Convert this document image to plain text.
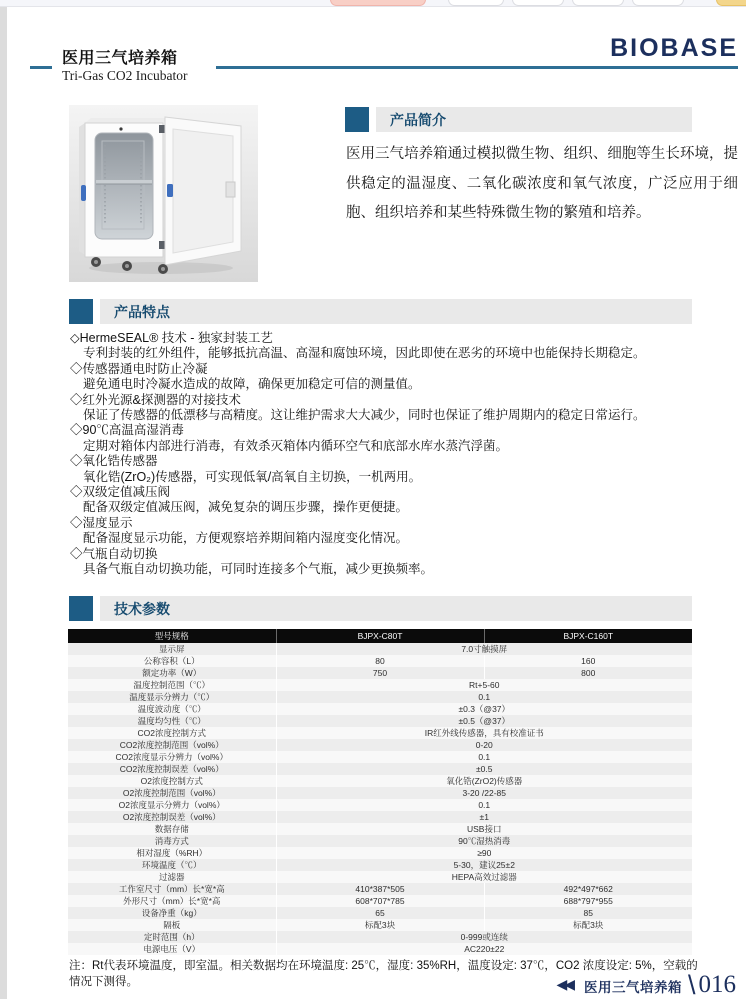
医用三气培养箱
Tri-Gas CO2 Incubator
BIOBASE
产品简介

医用三气培养箱通过模拟微生物、组织、细胞等生长环境，提供稳定的温湿度、二氧化碳浓度和氧气浓度，广泛应用于细胞、组织培养和某些特殊微生物的繁殖和培养。

产品特点
◇HermeSEAL® 技术 - 独家封装工艺
专利封装的红外组件，能够抵抗高温、高湿和腐蚀环境，因此即使在恶劣的环境中也能保持长期稳定。
◇传感器通电时防止冷凝
避免通电时冷凝水造成的故障，确保更加稳定可信的测量值。
◇红外光源&探测器的对接技术
保证了传感器的低漂移与高精度。这让维护需求大大减少，同时也保证了维护周期内的稳定日常运行。
◇90℃高温高湿消毒
定期对箱体内部进行消毒，有效杀灭箱体内循环空气和底部水库水蒸汽浮菌。
◇氧化锆传感器
氧化锆(ZrO₂)传感器，可实现低氧/高氧自主切换，一机两用。
◇双级定值减压阀
配备双级定值减压阀，减免复杂的调压步骤，操作更便捷。
◇湿度显示
配备湿度显示功能，方便观察培养期间箱内湿度变化情况。
◇气瓶自动切换
具备气瓶自动切换功能，可同时连接多个气瓶，减少更换频率。
技术参数
型号规格	BJPX-C80T	BJPX-C160T
显示屏	7.0寸触摸屏	
公称容积（L）	80	160
额定功率（W）	750	800
温度控制范围（℃）	Rt+5-60	
温度显示分辨力（℃）	0.1	
温度波动度（℃）	±0.3（@37）	
温度均匀性（℃）	±0.5（@37）	
CO2浓度控制方式	IR红外线传感器，具有校准证书	
CO2浓度控制范围（vol%）	0-20	
CO2浓度显示分辨力（vol%）	0.1	
CO2浓度控制误差（vol%）	±0.5	
O2浓度控制方式	氧化锆(ZrO2)传感器	
O2浓度控制范围（vol%）	3-20 /22-85	
O2浓度显示分辨力（vol%）	0.1	
O2浓度控制误差（vol%）	±1	
数据存储	USB接口	
消毒方式	90℃湿热消毒	
相对湿度（%RH）	≥90	
环境温度（℃）	5-30，建议25±2	
过滤器	HEPA高效过滤器	
工作室尺寸（mm）长*宽*高	410*387*505	492*497*662
外形尺寸（mm）长*宽*高	608*707*785	688*797*955
设备净重（kg）	65	85
隔板	标配3块	标配3块
定时范围（h）	0-999或连续	
电源电压（V）	AC220±22	

注：Rt代表环境温度，即室温。相关数据均在环境温度: 25℃，湿度: 35%RH，温度设定: 37℃，CO2 浓度设定: 5%，空载的情况下测得。	◀◀ 医用三气培养箱 \ 016
